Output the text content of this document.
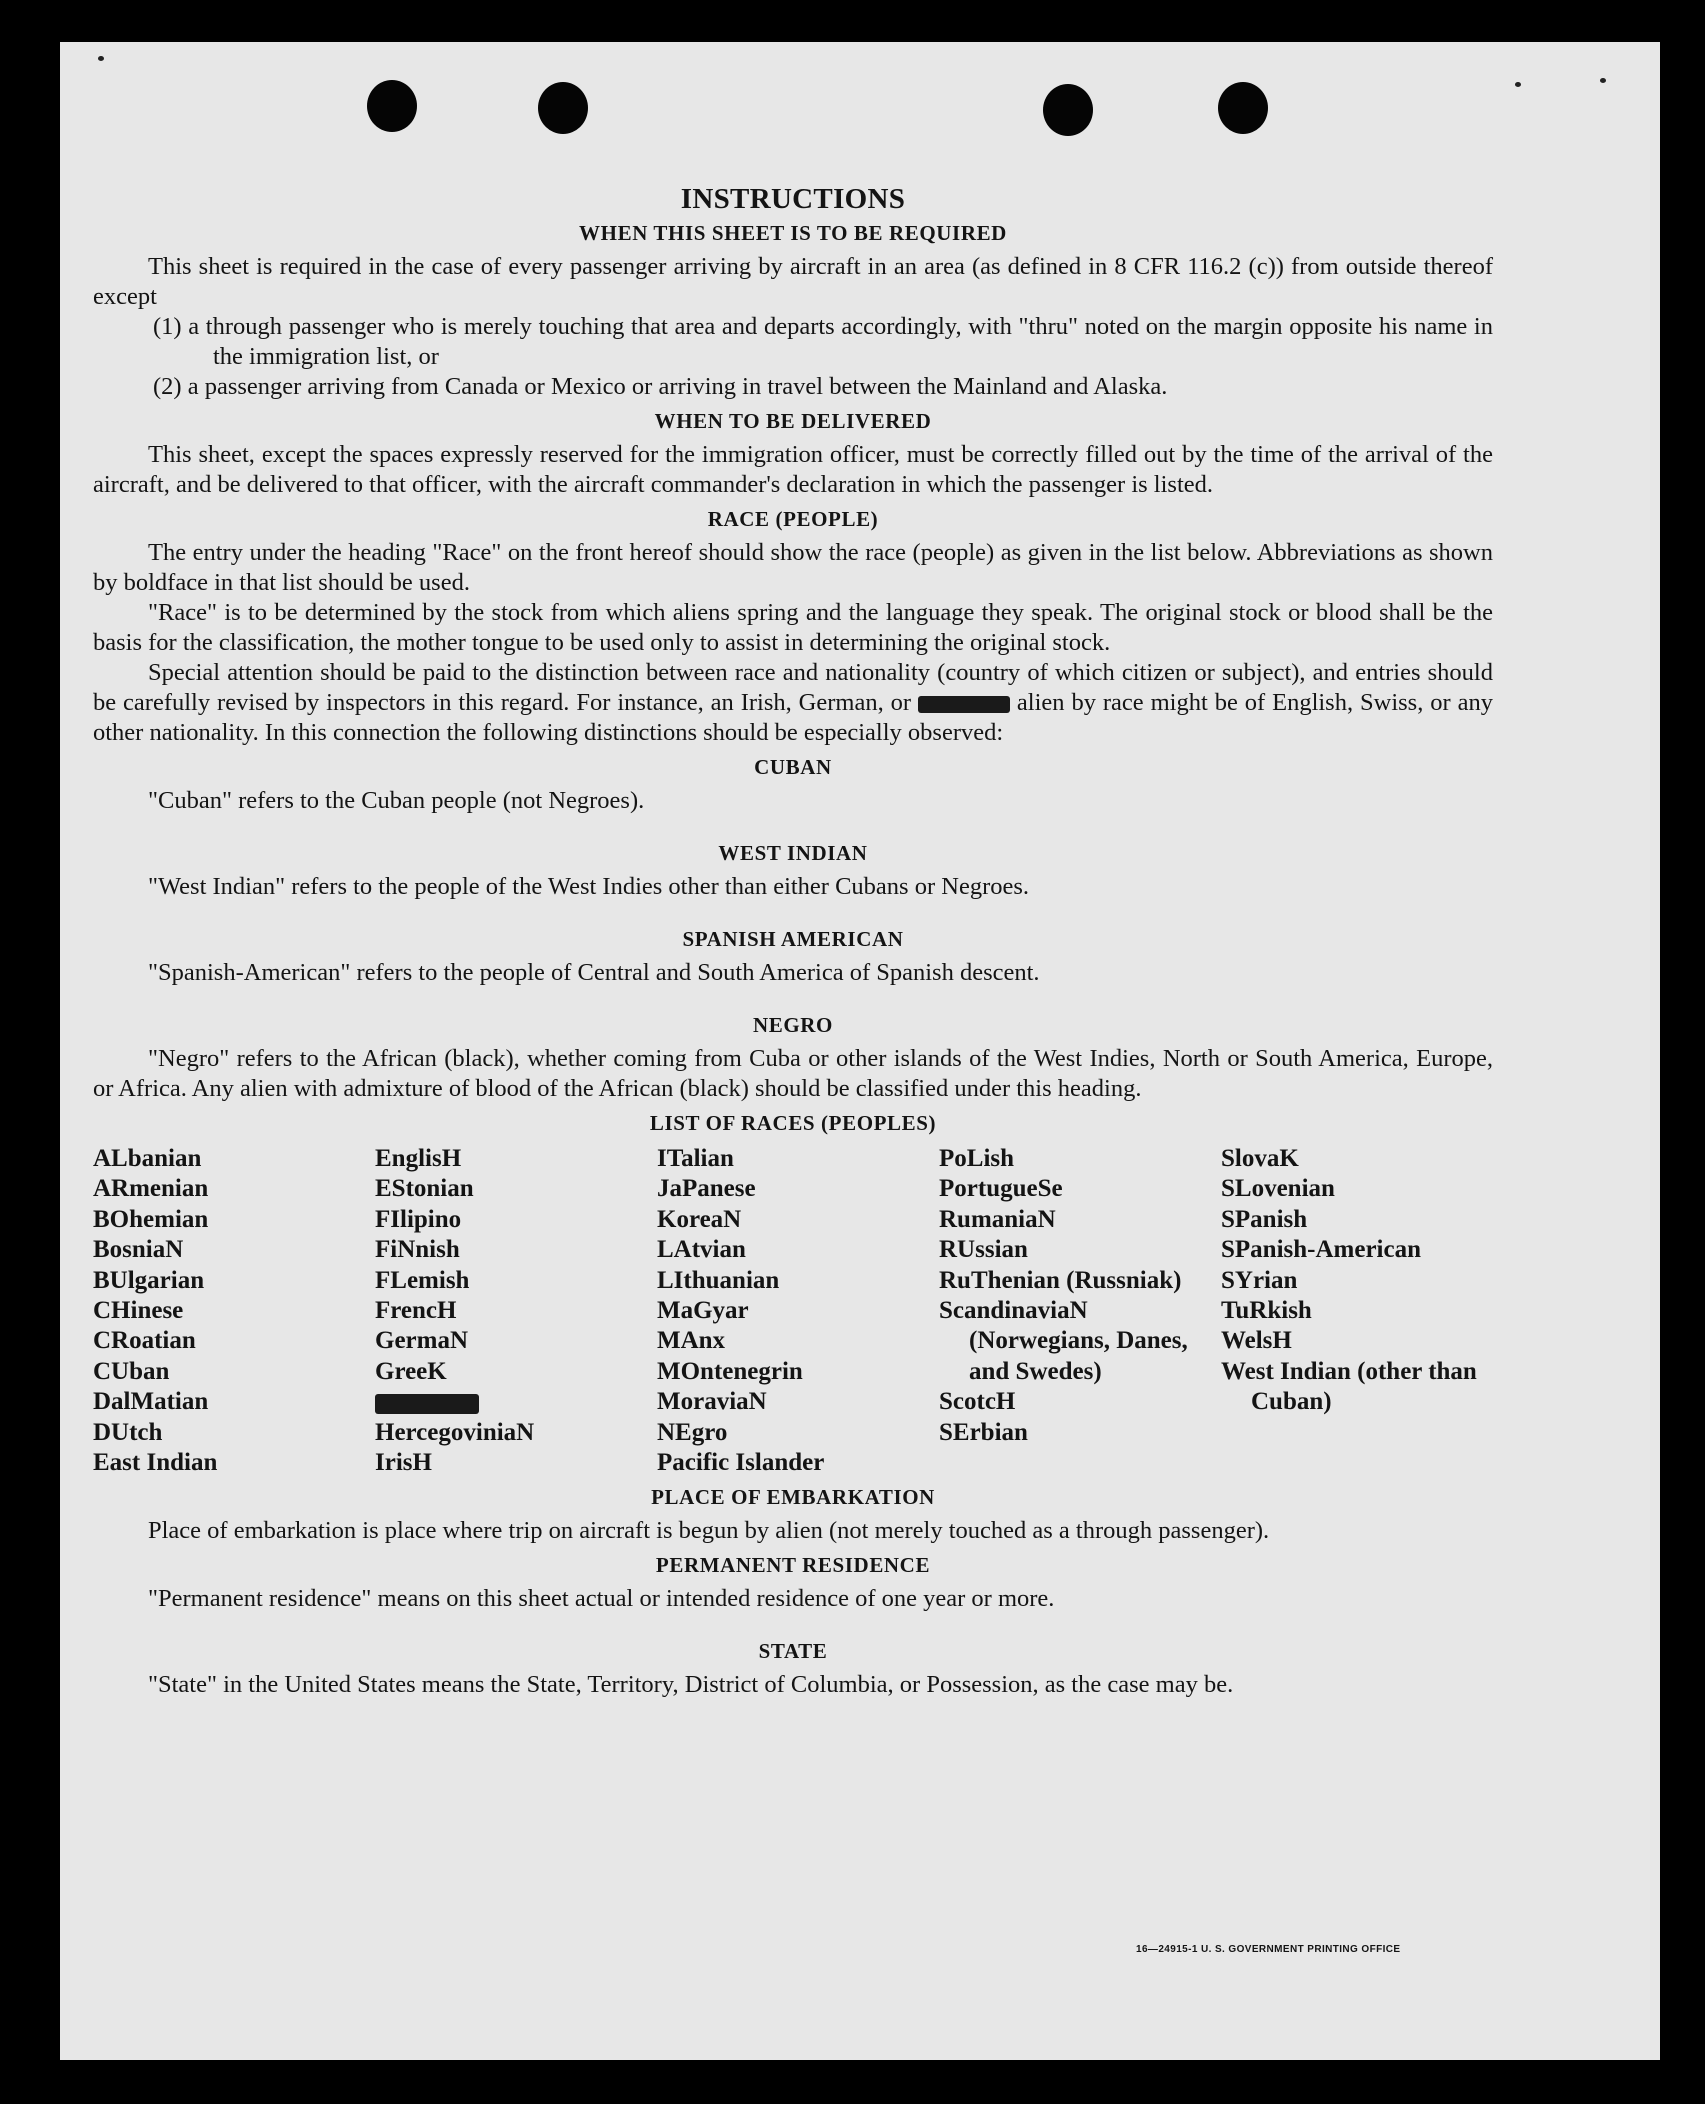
INSTRUCTIONS
WHEN THIS SHEET IS TO BE REQUIRED

This sheet is required in the case of every passenger arriving by aircraft in an area (as defined in 8 CFR 116.2 (c)) from outside thereof except

(1) a through passenger who is merely touching that area and departs accordingly, with "thru" noted on the margin opposite his name in the immigration list, or

(2) a passenger arriving from Canada or Mexico or arriving in travel between the Mainland and Alaska.

WHEN TO BE DELIVERED

This sheet, except the spaces expressly reserved for the immigration officer, must be correctly filled out by the time of the arrival of the aircraft, and be delivered to that officer, with the aircraft commander's declaration in which the passenger is listed.

RACE (PEOPLE)

The entry under the heading "Race" on the front hereof should show the race (people) as given in the list below. Abbreviations as shown by boldface in that list should be used.

"Race" is to be determined by the stock from which aliens spring and the language they speak. The original stock or blood shall be the basis for the classification, the mother tongue to be used only to assist in determining the original stock.

Special attention should be paid to the distinction between race and nationality (country of which citizen or subject), and entries should be carefully revised by inspectors in this regard. For instance, an Irish, German, or	alien by race might be of English, Swiss, or any other nationality. In this connection the following distinctions should be especially observed:

CUBAN

"Cuban" refers to the Cuban people (not Negroes).

WEST INDIAN

"West Indian" refers to the people of the West Indies other than either Cubans or Negroes.

SPANISH AMERICAN

"Spanish-American" refers to the people of Central and South America of Spanish descent.

NEGRO

"Negro" refers to the African (black), whether coming from Cuba or other islands of the West Indies, North or South America, Europe, or Africa. Any alien with admixture of blood of the African (black) should be classified under this heading.

LIST OF RACES (PEOPLES)
ALbanian
ARmenian
BOhemian
BosniaN
BUlgarian
CHinese
CRoatian
CUban
DalMatian
DUtch
East Indian
EnglisH
EStonian
FIlipino
FiNnish
FLemish
FrencH
GermaN
GreeK
HercegoviniaN
IrisH
ITalian
JaPanese
KoreaN
LAtvian
LIthuanian
MaGyar
MAnx
MOntenegrin
MoraviaN
NEgro
Pacific Islander
PoLish
PortugueSe
RumaniaN
RUssian
RuThenian (Russniak)
ScandinaviaN (Norwegians, Danes, and Swedes)
ScotcH
SErbian
SlovaK
SLovenian
SPanish
SPanish-American
SYrian
TuRkish
WelsH
West Indian (other than Cuban)
PLACE OF EMBARKATION

Place of embarkation is place where trip on aircraft is begun by alien (not merely touched as a through passenger).

PERMANENT RESIDENCE

"Permanent residence" means on this sheet actual or intended residence of one year or more.

STATE

"State" in the United States means the State, Territory, District of Columbia, or Possession, as the case may be.

16—24915-1 U. S. GOVERNMENT PRINTING OFFICE
